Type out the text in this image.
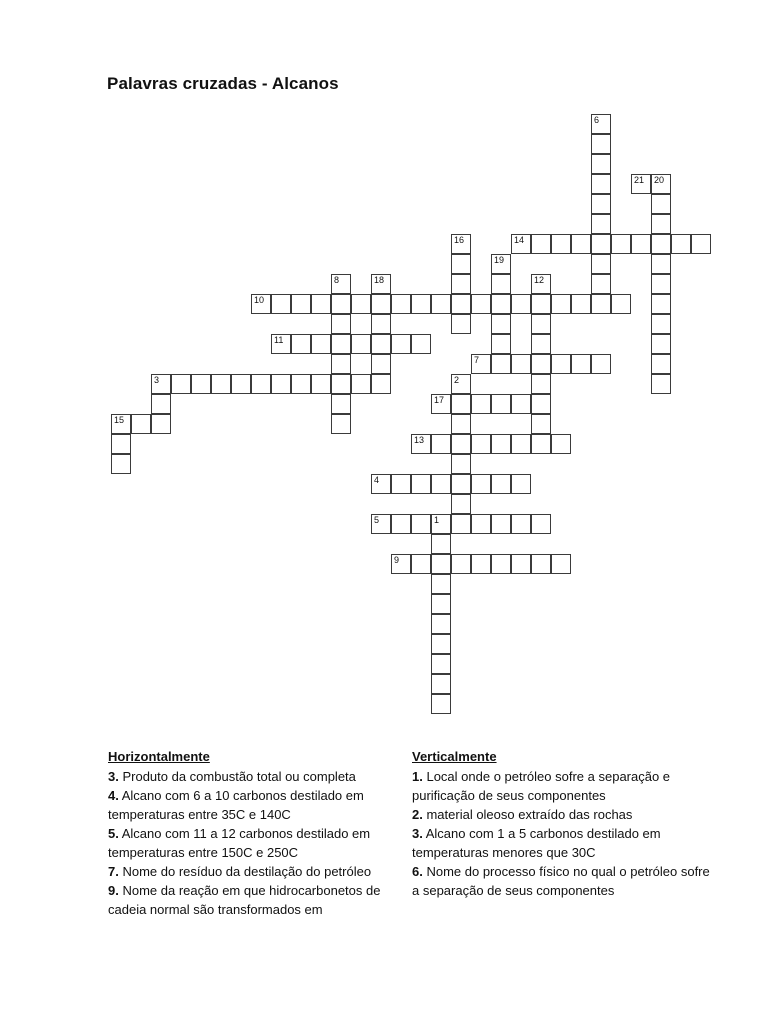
Palavras cruzadas - Alcanos
6
21 20
14
16
19
8	18	12
10
11
7
3	2
17
15
13
4
5	1
9
Horizontalmente
3. Produto da combustão total ou completa
4. Alcano com 6 a 10 carbonos destilado em temperaturas entre 35C e 140C
5. Alcano com 11 a 12 carbonos destilado em temperaturas entre 150C e 250C
7. Nome do resíduo da destilação do petróleo
9. Nome da reação em que hidrocarbonetos de cadeia normal são transformados em
Verticalmente
1. Local onde o petróleo sofre a separação e purificação de seus componentes
2. material oleoso extraído das rochas
3. Alcano com 1 a 5 carbonos destilado em temperaturas menores que 30C
6. Nome do processo físico no qual o petróleo sofre a separação de seus componentes
